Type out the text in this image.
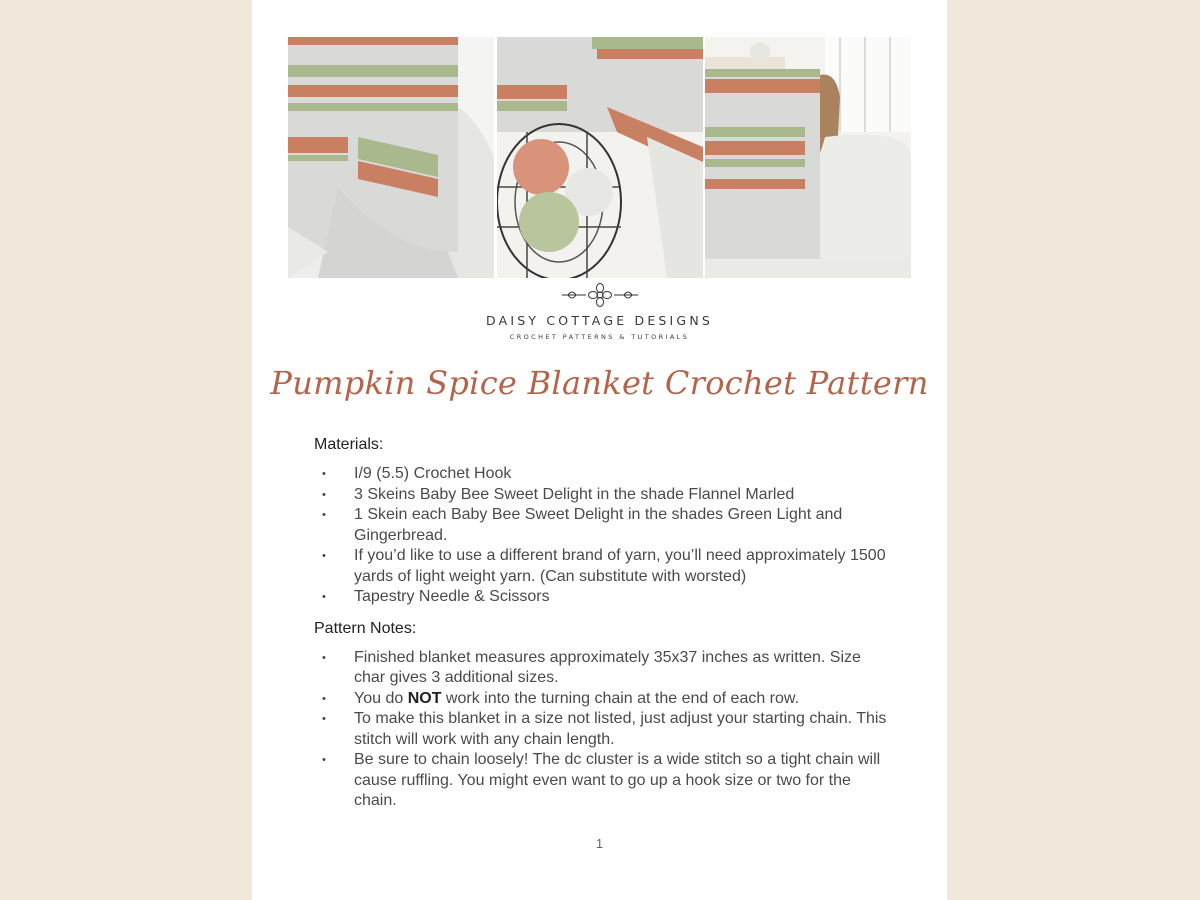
DAISY COTTAGE DESIGNS
CROCHET PATTERNS & TUTORIALS
Pumpkin Spice Blanket Crochet Pattern
Materials:
• I/9 (5.5) Crochet Hook
• 3 Skeins Baby Bee Sweet Delight in the shade Flannel Marled
• 1 Skein each Baby Bee Sweet Delight in the shades Green Light and Gingerbread.
• If you’d like to use a different brand of yarn, you’ll need approximately 1500 yards of light weight yarn. (Can substitute with worsted)
• Tapestry Needle & Scissors
Pattern Notes:
• Finished blanket measures approximately 35x37 inches as written. Size char gives 3 additional sizes.
• You do NOT work into the turning chain at the end of each row.
• To make this blanket in a size not listed, just adjust your starting chain. This stitch will work with any chain length.
• Be sure to chain loosely! The dc cluster is a wide stitch so a tight chain will cause ruffling. You might even want to go up a hook size or two for the chain.
1
